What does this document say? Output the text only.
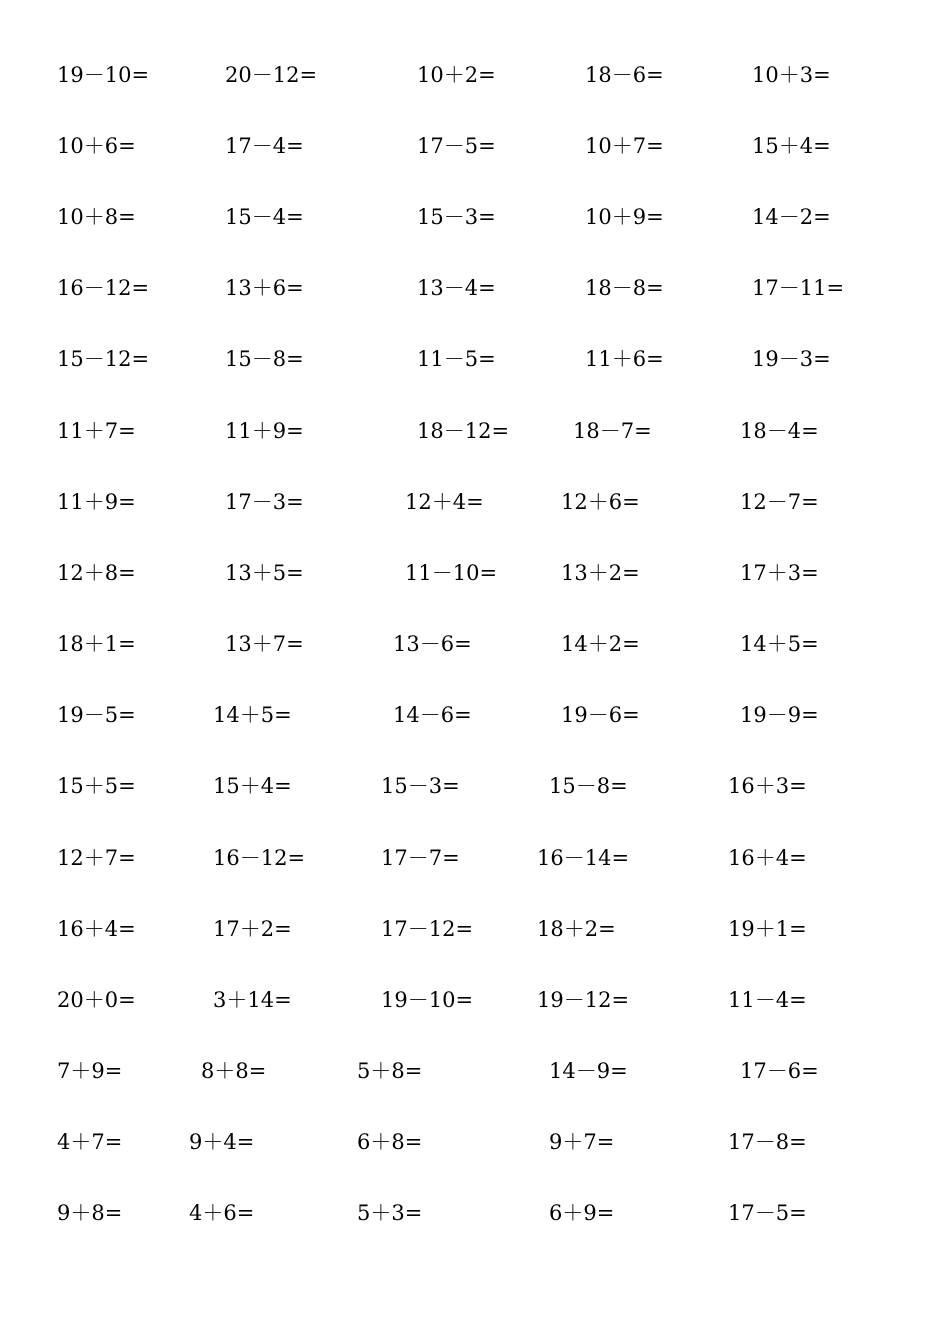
19－10=	20－12=	10＋2=	18－6=	10＋3=
10＋6=	17－4=	17－5=	10＋7=	15＋4=
10＋8=	15－4=	15－3=	10＋9=	14－2=
16－12=	13＋6=	13－4=	18－8=	17－11=
15－12=	15－8=	11－5=	11＋6=	19－3=
11＋7=	11＋9=	18－12=	18－7=	18－4=
11＋9=	17－3=	12＋4=	12＋6=	12－7=
12＋8=	13＋5=	11－10=	13＋2=	17＋3=
18＋1=	13＋7=	13－6=	14＋2=	14＋5=
19－5=	14＋5=	14－6=	19－6=	19－9=
15＋5=	15＋4=	15－3=	15－8=	16＋3=
12＋7=	16－12=	17－7=	16－14=	16＋4=
16＋4=	17＋2=	17－12=	18＋2=	19＋1=
20＋0=	3＋14=	19－10=	19－12=	11－4=
7＋9=	8＋8=	5＋8=	14－9=	17－6=
4＋7=	9＋4=	6＋8=	9＋7=	17－8=
9＋8=	4＋6=	5＋3=	6＋9=	17－5=
